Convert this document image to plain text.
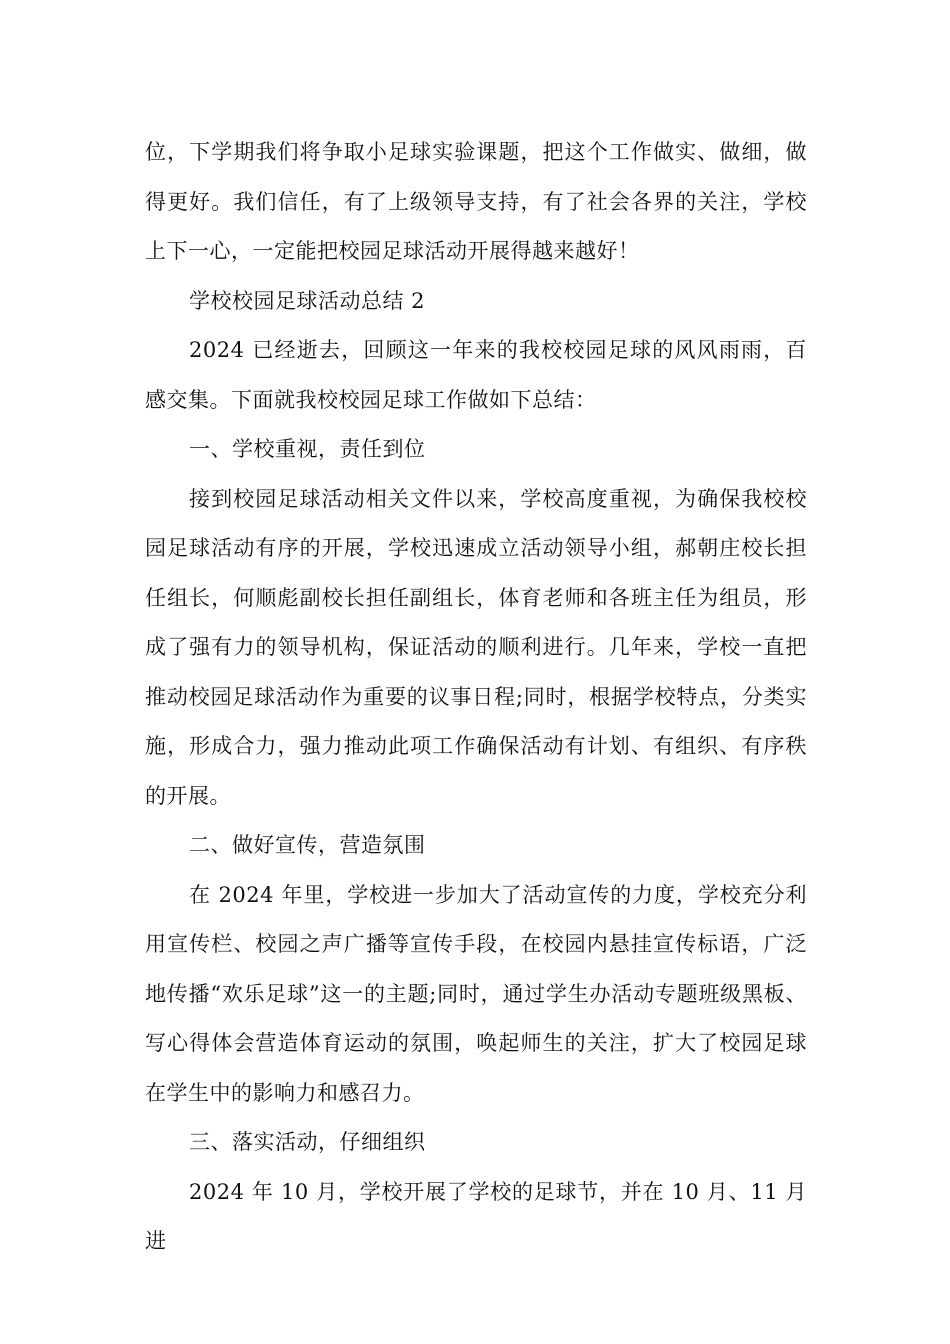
位，下学期我们将争取小足球实验课题，把这个工作做实、做细，做得更好。我们信任，有了上级领导支持，有了社会各界的关注，学校上下一心，一定能把校园足球活动开展得越来越好！

学校校园足球活动总结 2

2024 已经逝去，回顾这一年来的我校校园足球的风风雨雨，百感交集。下面就我校校园足球工作做如下总结：

一、学校重视，责任到位

接到校园足球活动相关文件以来，学校高度重视，为确保我校校园足球活动有序的开展，学校迅速成立活动领导小组，郝朝庄校长担任组长，何顺彪副校长担任副组长，体育老师和各班主任为组员，形成了强有力的领导机构，保证活动的顺利进行。几年来，学校一直把推动校园足球活动作为重要的议事日程;同时，根据学校特点，分类实施，形成合力，强力推动此项工作确保活动有计划、有组织、有序秩的开展。

二、做好宣传，营造氛围

在 2024 年里，学校进一步加大了活动宣传的力度，学校充分利用宣传栏、校园之声广播等宣传手段，在校园内悬挂宣传标语，广泛地传播“欢乐足球”这一的主题;同时，通过学生办活动专题班级黑板、写心得体会营造体育运动的氛围，唤起师生的关注，扩大了校园足球在学生中的影响力和感召力。

三、落实活动，仔细组织

2024 年 10 月，学校开展了学校的足球节，并在 10 月、11 月进
